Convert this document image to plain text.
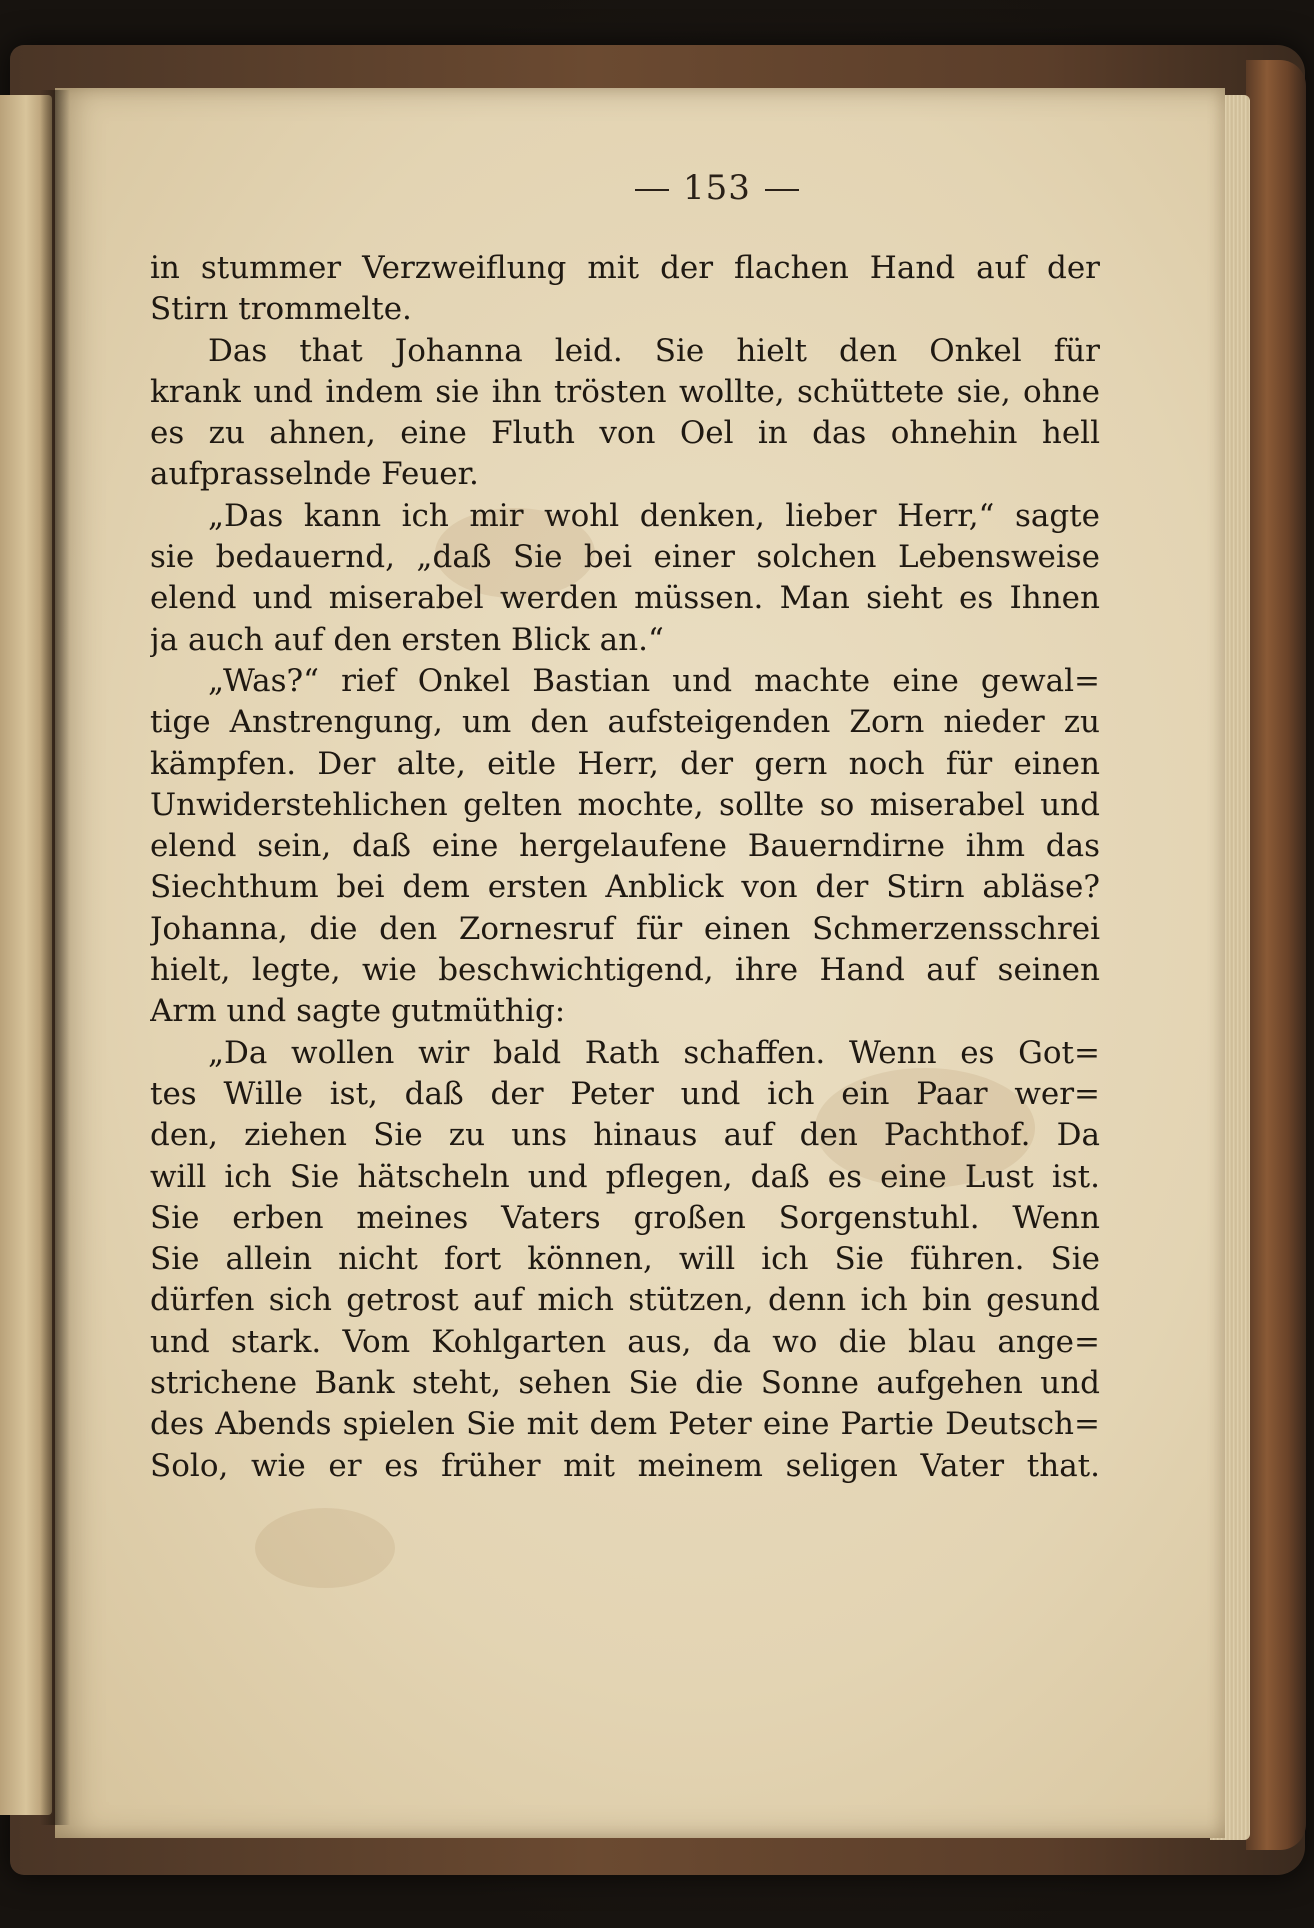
153
in stummer Verzweiflung mit der flachen Hand auf der
Stirn trommelte.
Das that Johanna leid. Sie hielt den Onkel für
krank und indem sie ihn trösten wollte, schüttete sie, ohne
es zu ahnen, eine Fluth von Oel in das ohnehin hell
aufprasselnde Feuer.
„Das kann ich mir wohl denken, lieber Herr,“ sagte
sie bedauernd, „daß Sie bei einer solchen Lebensweise
elend und miserabel werden müssen. Man sieht es Ihnen
ja auch auf den ersten Blick an.“
„Was?“ rief Onkel Bastian und machte eine gewal=
tige Anstrengung, um den aufsteigenden Zorn nieder zu
kämpfen. Der alte, eitle Herr, der gern noch für einen
Unwiderstehlichen gelten mochte, sollte so miserabel und
elend sein, daß eine hergelaufene Bauerndirne ihm das
Siechthum bei dem ersten Anblick von der Stirn abläse?
Johanna, die den Zornesruf für einen Schmerzensschrei
hielt, legte, wie beschwichtigend, ihre Hand auf seinen
Arm und sagte gutmüthig:
„Da wollen wir bald Rath schaffen. Wenn es Got=
tes Wille ist, daß der Peter und ich ein Paar wer=
den, ziehen Sie zu uns hinaus auf den Pachthof. Da
will ich Sie hätscheln und pflegen, daß es eine Lust ist.
Sie erben meines Vaters großen Sorgenstuhl. Wenn
Sie allein nicht fort können, will ich Sie führen. Sie
dürfen sich getrost auf mich stützen, denn ich bin gesund
und stark. Vom Kohlgarten aus, da wo die blau ange=
strichene Bank steht, sehen Sie die Sonne aufgehen und
des Abends spielen Sie mit dem Peter eine Partie Deutsch=
Solo, wie er es früher mit meinem seligen Vater that.
